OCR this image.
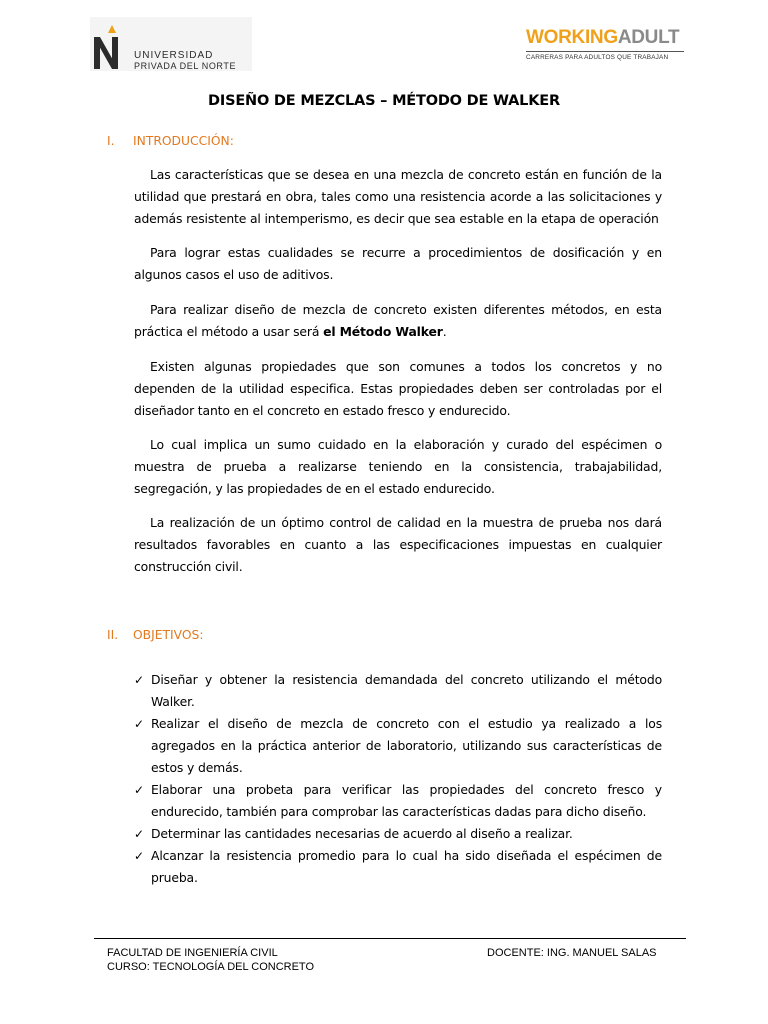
UNIVERSIDAD
PRIVADA DEL NORTE
WORKINGADULT
CARRERAS PARA ADULTOS QUE TRABAJAN
DISEÑO DE MEZCLAS – MÉTODO DE WALKER
I. INTRODUCCIÓN:

Las características que se desea en una mezcla de concreto están en función de la utilidad que prestará en obra, tales como una resistencia acorde a las solicitaciones y además resistente al intemperismo, es decir que sea estable en la etapa de operación

Para lograr estas cualidades se recurre a procedimientos de dosificación y en algunos casos el uso de aditivos.

Para realizar diseño de mezcla de concreto existen diferentes métodos, en esta práctica el método a usar será el Método Walker.

Existen algunas propiedades que son comunes a todos los concretos y no dependen de la utilidad especifica. Estas propiedades deben ser controladas por el diseñador tanto en el concreto en estado fresco y endurecido.

Lo cual implica un sumo cuidado en la elaboración y curado del espécimen o muestra de prueba a realizarse teniendo en la consistencia, trabajabilidad, segregación, y las propiedades de en el estado endurecido.

La realización de un óptimo control de calidad en la muestra de prueba nos dará resultados favorables en cuanto a las especificaciones impuestas en cualquier construcción civil.

II. OBJETIVOS:
✓ Diseñar y obtener la resistencia demandada del concreto utilizando el método Walker.
✓ Realizar el diseño de mezcla de concreto con el estudio ya realizado a los agregados en la práctica anterior de laboratorio, utilizando sus características de estos y demás.
✓ Elaborar una probeta para verificar las propiedades del concreto fresco y endurecido, también para comprobar las características dadas para dicho diseño.
✓ Determinar las cantidades necesarias de acuerdo al diseño a realizar.
✓ Alcanzar la resistencia promedio para lo cual ha sido diseñada el espécimen de prueba.
FACULTAD DE INGENIERÍA CIVIL
CURSO: TECNOLOGÍA DEL CONCRETO
DOCENTE: ING. MANUEL SALAS
